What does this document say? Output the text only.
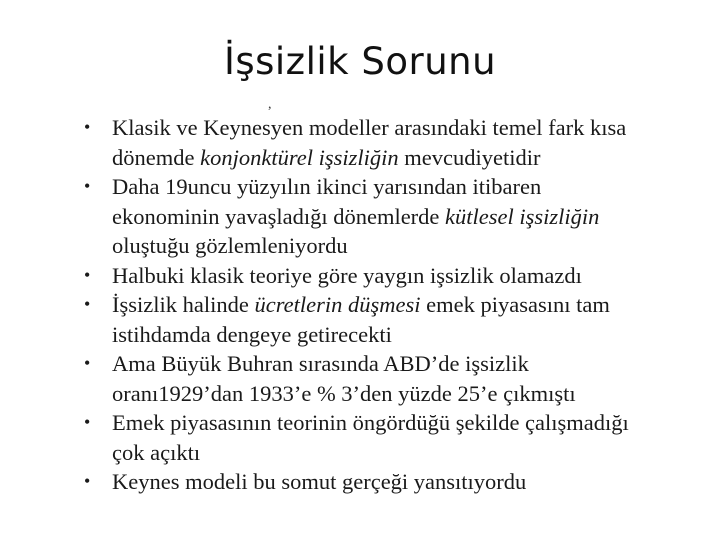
İşsizlik Sorunu
,
• Klasik ve Keynesyen modeller arasındaki temel fark kısa dönemde konjonktürel işsizliğin mevcudiyetidir
• Daha 19uncu yüzyılın ikinci yarısından itibaren ekonominin yavaşladığı dönemlerde kütlesel işsizliğin oluştuğu gözlemleniyordu
• Halbuki klasik teoriye göre yaygın işsizlik olamazdı
• İşsizlik halinde ücretlerin düşmesi emek piyasasını tam istihdamda dengeye getirecekti
• Ama Büyük Buhran sırasında ABD’de işsizlik oranı1929’dan 1933’e % 3’den yüzde 25’e çıkmıştı
• Emek piyasasının teorinin öngördüğü şekilde çalışmadığı çok açıktı
• Keynes modeli bu somut gerçeği yansıtıyordu
